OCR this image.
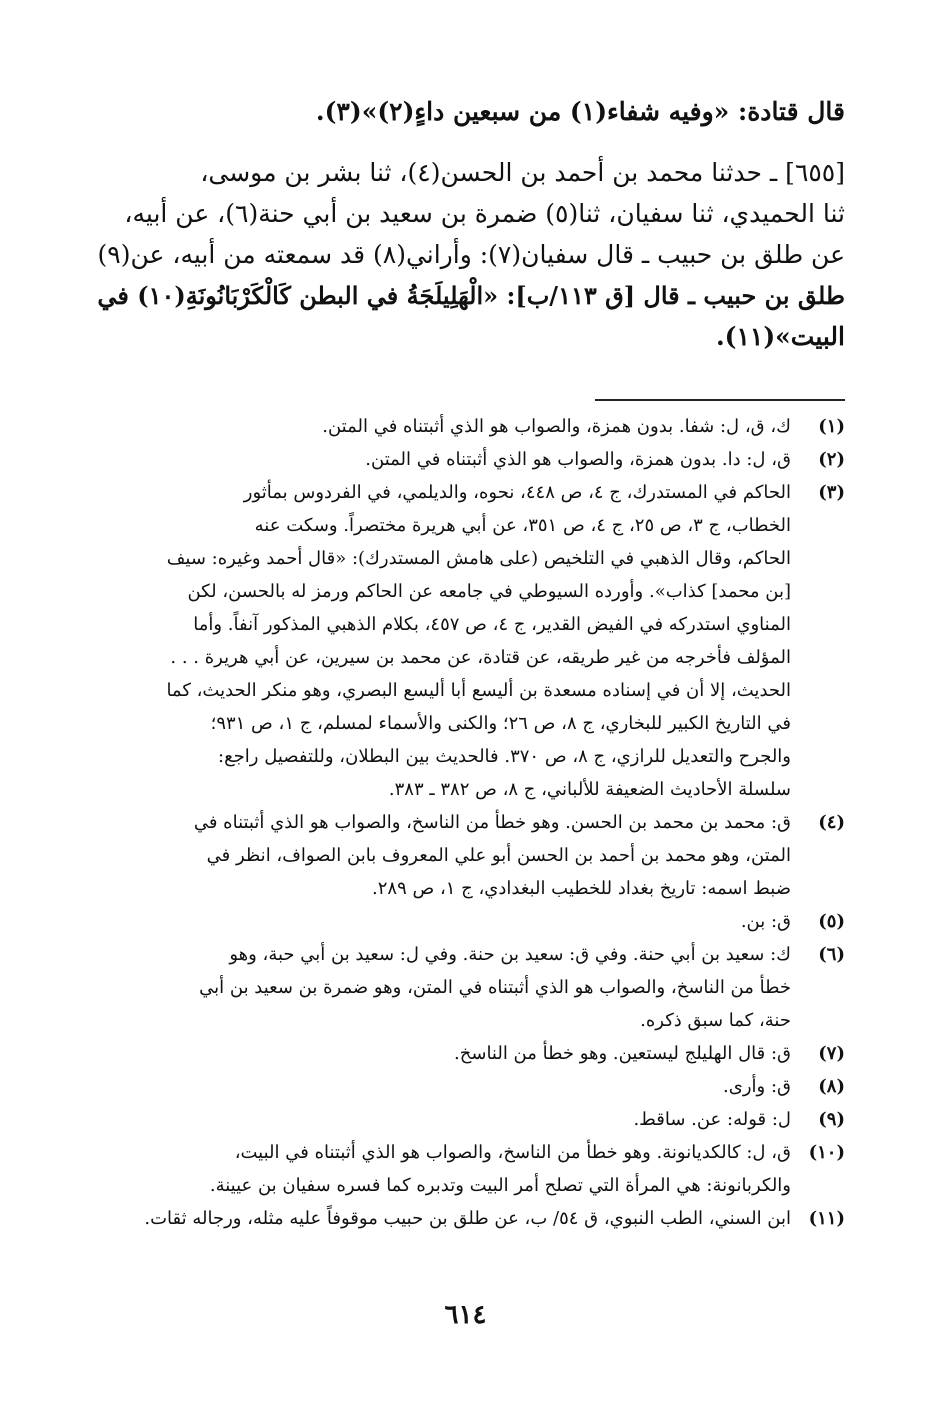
قال قتادة: «وفيه شفاء(١) من سبعين داءٍ(٢)»(٣).
[٦٥٥] ـ حدثنا محمد بن أحمد بن الحسن(٤)، ثنا بشر بن موسى،
ثنا الحميدي، ثنا سفيان، ثنا(٥) ضمرة بن سعيد بن أبي حنة(٦)، عن أبيه،
عن طلق بن حبيب ـ قال سفيان(٧): وأراني(٨) قد سمعته من أبيه، عن(٩)
طلق بن حبيب ـ قال [ق ١١٣/ب]: «الْهَلِيلَجَةُ في البطن كَالْكَرْبَانُونَةِ(١٠) في
البيت»(١١).
(١)
ك، ق، ل: شفا. بدون همزة، والصواب هو الذي أثبتناه في المتن.
(٢)
ق، ل: دا. بدون همزة، والصواب هو الذي أثبتناه في المتن.
(٣)
الحاكم في المستدرك، ج ٤، ص ٤٤٨، نحوه، والديلمي، في الفردوس بمأثور
الخطاب، ج ٣، ص ٢٥، ج ٤، ص ٣٥١، عن أبي هريرة مختصراً. وسكت عنه
الحاكم، وقال الذهبي في التلخيص (على هامش المستدرك): «قال أحمد وغيره: سيف
[بن محمد] كذاب». وأورده السيوطي في جامعه عن الحاكم ورمز له بالحسن، لكن
المناوي استدركه في الفيض القدير، ج ٤، ص ٤٥٧، بكلام الذهبي المذكور آنفاً. وأما
المؤلف فأخرجه من غير طريقه، عن قتادة، عن محمد بن سيرين، عن أبي هريرة . . .
الحديث، إلا أن في إسناده مسعدة بن أليسع أبا أليسع البصري، وهو منكر الحديث، كما
في التاريخ الكبير للبخاري، ج ٨، ص ٢٦؛ والكنى والأسماء لمسلم، ج ١، ص ٩٣١؛
والجرح والتعديل للرازي، ج ٨، ص ٣٧٠. فالحديث بين البطلان، وللتفصيل راجع:
سلسلة الأحاديث الضعيفة للألباني، ج ٨، ص ٣٨٢ ـ ٣٨٣.
(٤)
ق: محمد بن محمد بن الحسن. وهو خطأ من الناسخ، والصواب هو الذي أثبتناه في
المتن، وهو محمد بن أحمد بن الحسن أبو علي المعروف بابن الصواف، انظر في
ضبط اسمه: تاريخ بغداد للخطيب البغدادي، ج ١، ص ٢٨٩.
(٥)
ق: بن.
(٦)
ك: سعيد بن أبي حنة. وفي ق: سعيد بن حنة. وفي ل: سعيد بن أبي حبة، وهو
خطأ من الناسخ، والصواب هو الذي أثبتناه في المتن، وهو ضمرة بن سعيد بن أبي
حنة، كما سبق ذكره.
(٧)
ق: قال الهليلج ليستعين. وهو خطأ من الناسخ.
(٨)
ق: وأرى.
(٩)
ل: قوله: عن. ساقط.
(١٠)
ق، ل: كالكديانونة. وهو خطأ من الناسخ، والصواب هو الذي أثبتناه في البيت،
والكربانونة: هي المرأة التي تصلح أمر البيت وتدبره كما فسره سفيان بن عيينة.
(١١)
ابن السني، الطب النبوي، ق ٥٤/ ب، عن طلق بن حبيب موقوفاً عليه مثله، ورجاله ثقات.
٦١٤
